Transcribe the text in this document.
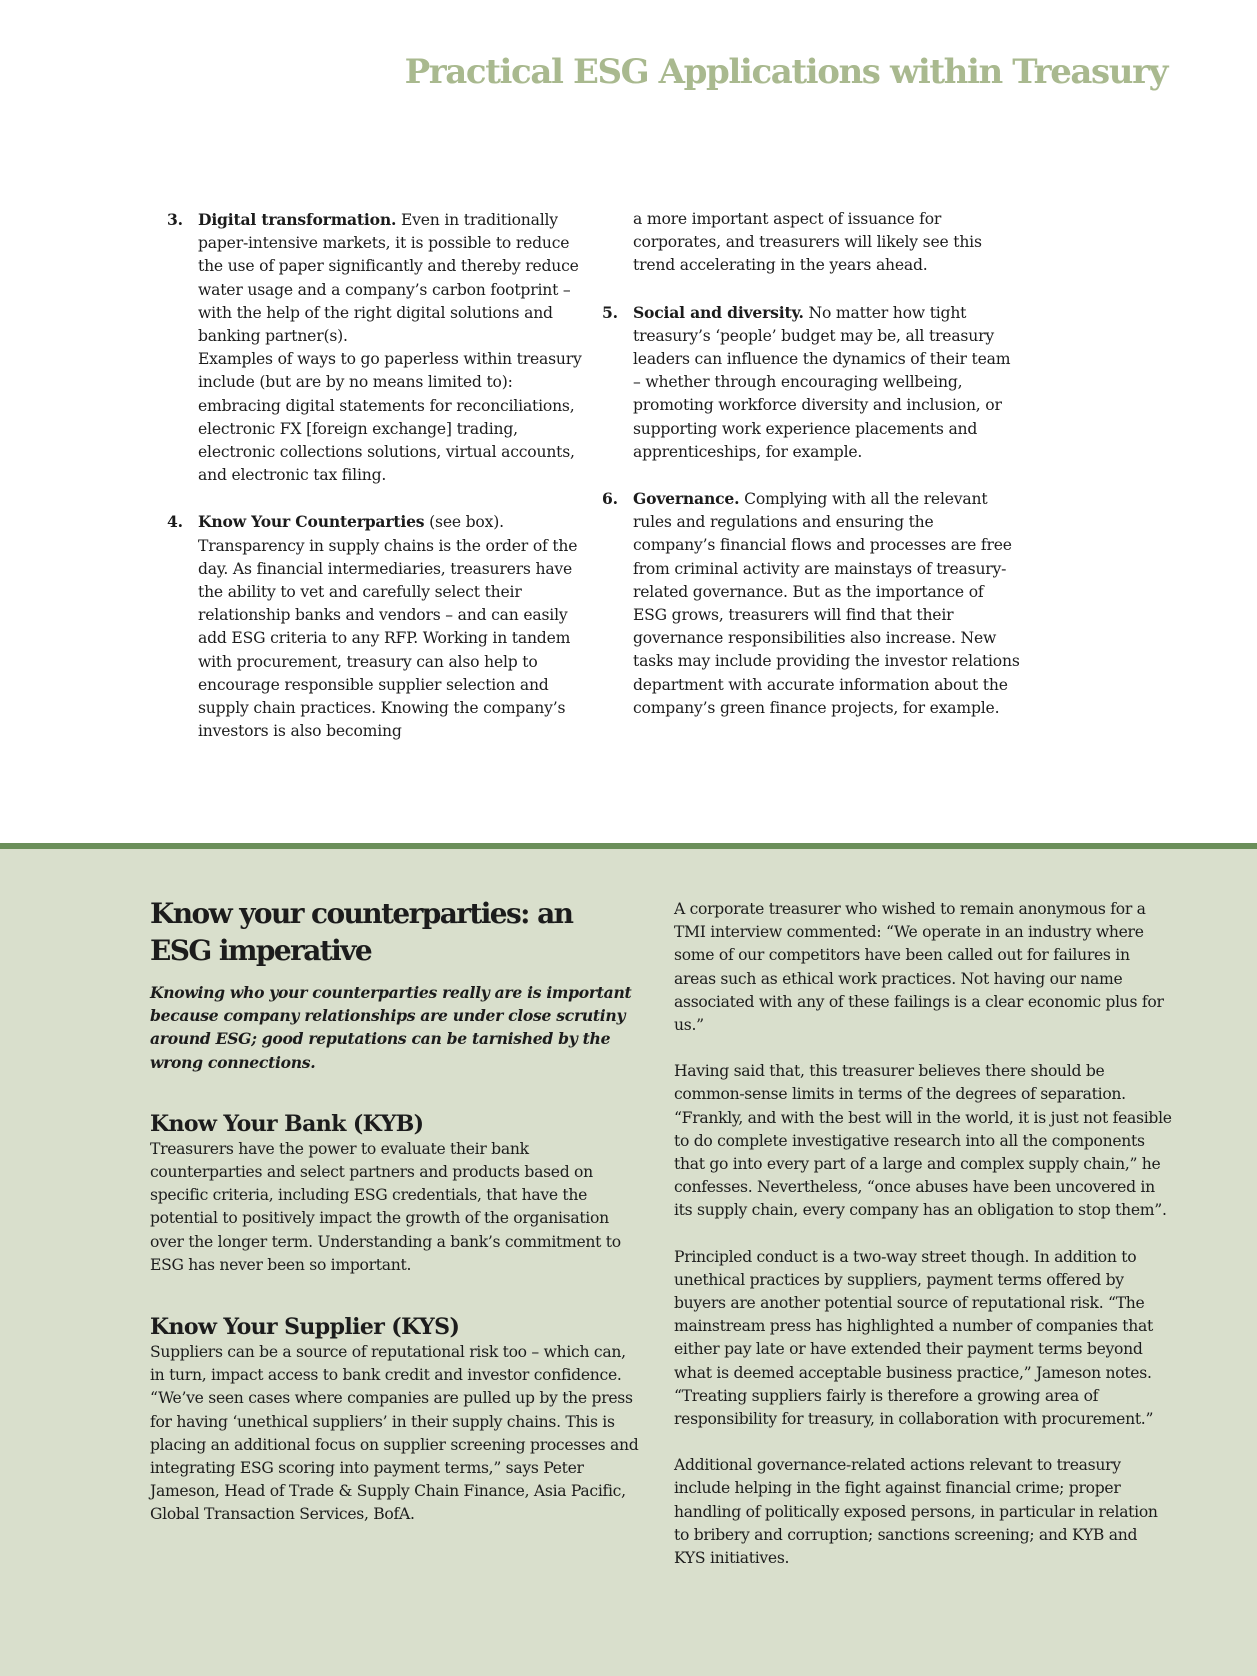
Practical ESG Applications within Treasury
3. Digital transformation. Even in traditionally paper-intensive markets, it is possible to reduce the use of paper significantly and thereby reduce water usage and a company’s carbon footprint – with the help of the right digital solutions and banking partner(s).

Examples of ways to go paperless within treasury include (but are by no means limited to): embracing digital statements for reconciliations, electronic FX [foreign exchange] trading, electronic collections solutions, virtual accounts, and electronic tax filing.

4. Know Your Counterparties (see box). Transparency in supply chains is the order of the day. As financial intermediaries, treasurers have the ability to vet and carefully select their relationship banks and vendors – and can easily add ESG criteria to any RFP. Working in tandem with procurement, treasury can also help to encourage responsible supplier selection and supply chain practices. Knowing the company’s investors is also becoming

a more important aspect of issuance for corporates, and treasurers will likely see this trend accelerating in the years ahead.

5. Social and diversity. No matter how tight treasury’s ‘people’ budget may be, all treasury leaders can influence the dynamics of their team – whether through encouraging wellbeing, promoting workforce diversity and inclusion, or supporting work experience placements and apprenticeships, for example.

6. Governance. Complying with all the relevant rules and regulations and ensuring the company’s financial flows and processes are free from criminal activity are mainstays of treasury-related governance. But as the importance of ESG grows, treasurers will find that their governance responsibilities also increase. New tasks may include providing the investor relations department with accurate information about the company’s green finance projects, for example.

Know your counterparties: an ESG imperative

Knowing who your counterparties really are is important because company relationships are under close scrutiny around ESG; good reputations can be tarnished by the wrong connections.

Know Your Bank (KYB)

Treasurers have the power to evaluate their bank counterparties and select partners and products based on specific criteria, including ESG credentials, that have the potential to positively impact the growth of the organisation over the longer term. Understanding a bank’s commitment to ESG has never been so important.

Know Your Supplier (KYS)

Suppliers can be a source of reputational risk too – which can, in turn, impact access to bank credit and investor confidence. “We’ve seen cases where companies are pulled up by the press for having ‘unethical suppliers’ in their supply chains. This is placing an additional focus on supplier screening processes and integrating ESG scoring into payment terms,” says Peter Jameson, Head of Trade & Supply Chain Finance, Asia Pacific, Global Transaction Services, BofA.

A corporate treasurer who wished to remain anonymous for a TMI interview commented: “We operate in an industry where some of our competitors have been called out for failures in areas such as ethical work practices. Not having our name associated with any of these failings is a clear economic plus for us.”

Having said that, this treasurer believes there should be common-sense limits in terms of the degrees of separation. “Frankly, and with the best will in the world, it is just not feasible to do complete investigative research into all the components that go into every part of a large and complex supply chain,” he confesses. Nevertheless, “once abuses have been uncovered in its supply chain, every company has an obligation to stop them”.

Principled conduct is a two-way street though. In addition to unethical practices by suppliers, payment terms offered by buyers are another potential source of reputational risk. “The mainstream press has highlighted a number of companies that either pay late or have extended their payment terms beyond what is deemed acceptable business practice,” Jameson notes. “Treating suppliers fairly is therefore a growing area of responsibility for treasury, in collaboration with procurement.”

Additional governance-related actions relevant to treasury include helping in the fight against financial crime; proper handling of politically exposed persons, in particular in relation to bribery and corruption; sanctions screening; and KYB and KYS initiatives.
